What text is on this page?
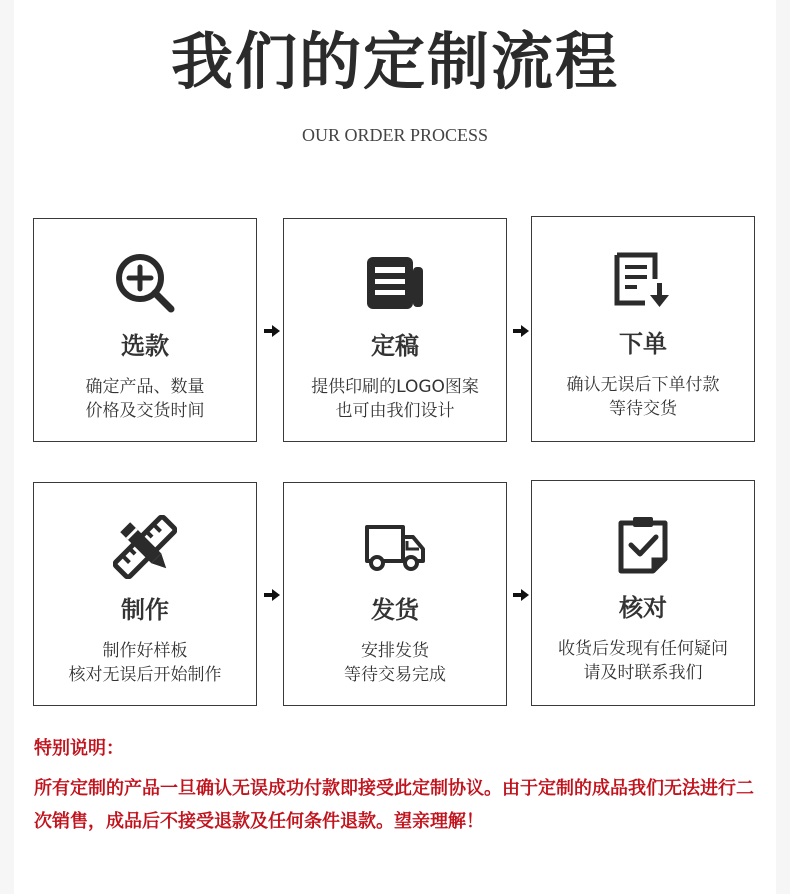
我们的定制流程
OUR ORDER PROCESS
选款
确定产品、数量
价格及交货时间
定稿
提供印刷的LOGO图案
也可由我们设计
下单
确认无误后下单付款
等待交货
制作
制作好样板
核对无误后开始制作
发货
安排发货
等待交易完成
核对
收货后发现有任何疑问
请及时联系我们
特别说明：
所有定制的产品一旦确认无误成功付款即接受此定制协议。由于定制的成品我们无法进行二次销售，成品后不接受退款及任何条件退款。望亲理解！
